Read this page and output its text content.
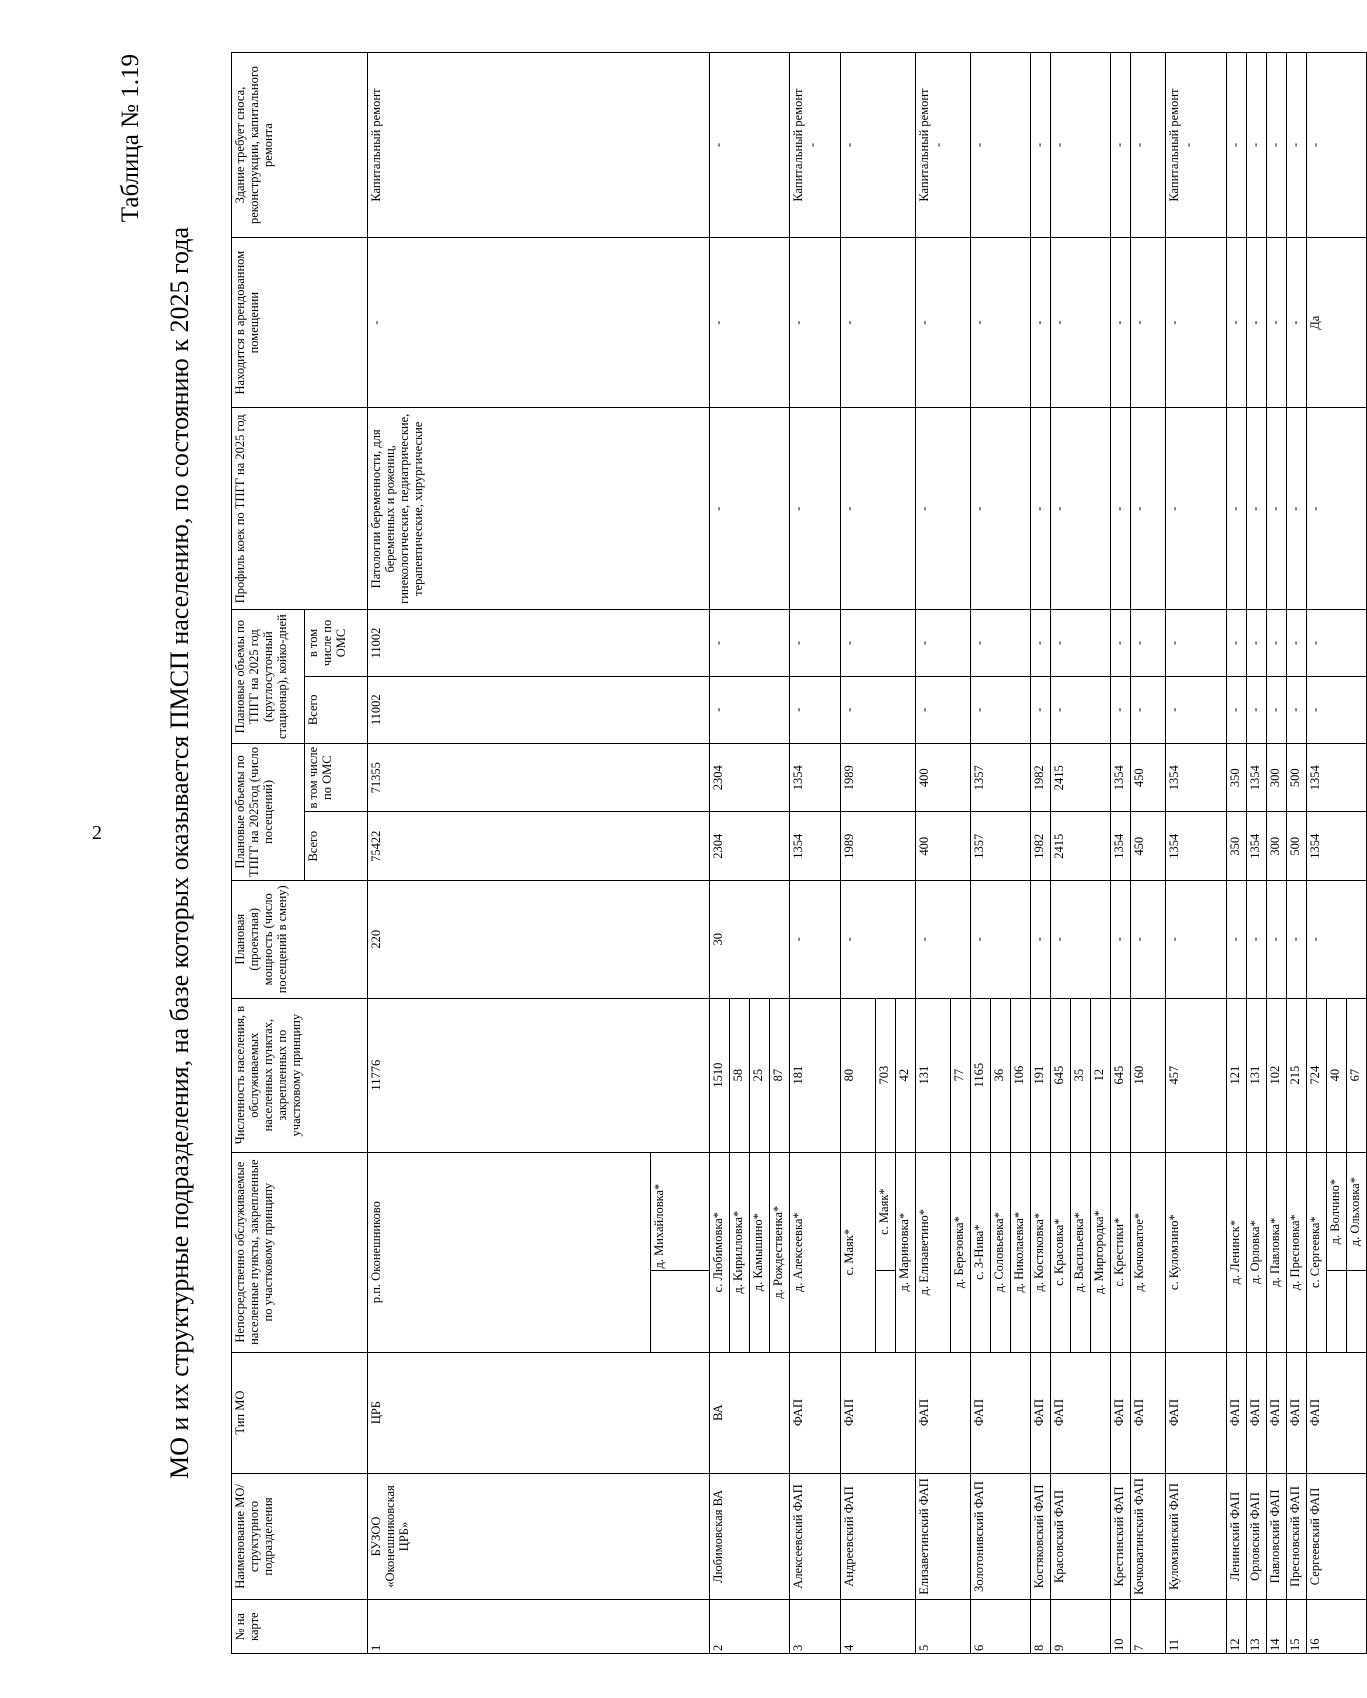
2
Таблица № 1.19
МО и их структурные подразделения, на базе которых оказывается ПМСП населению, по состоянию к 2025 года
№ на карте	Наименование МО/ структурного подразделения	Тип МО	Непосредственно обслуживаемые населенные пункты, закрепленные по участковому принципу		Численность населения, в обслуживаемых населенных пунктах, закрепленных по участковому принципу	Плановая (проектная) мощность (число посещений в смену)	Плановые объемы по ТПГГ на 2025год (число посещений)		Плановые объемы по ТПГГ на 2025 год (круглосуточный стационар), койко-дней		Профиль коек по ТПГГ на 2025 год	Находится в арендованном помещении	Здание требует сноса, реконструкции, капитального ремонта
							Всего	в том числе по ОМС	Всего	в том числе по ОМС			
1	БУЗОО «Оконешниковская ЦРБ»	ЦРБ	р.п. Оконешниково		11776	220	75422	71355	11002	11002	Патологии беременности, для беременных и рожениц, гинекологические, педиатрические, терапевтические, хирургические	-	Капитальный ремонт
				д. Михайловка*									
2	Любимовская ВА	ВА	с. Любимовка*		1510	30	2304	2304	-	-	-	-	-
			д. Кирилловка*		58								
			д. Камышино*		25								
			д. Рождественка*		87								
3	Алексеевский ФАП	ФАП	д. Алексеевка*		181	-	1354	1354	-	-	-	-	Капитальный ремонт -

4	Андреевский ФАП	ФАП	с. Маяк*		80	-	1989	1989	-	-	-	-	-
				с. Маяк*	703								
			д. Мариновка*		42								
5	Елизаветинский ФАП	ФАП	д. Елизаветино*		131	-	400	400	-	-	-	-	Капитальный ремонт -

			д. Березовка*		77								
6	Золотонивский ФАП	ФАП	с. З-Нива*		1165	-	1357	1357	-	-	-	-	-
			д. Соловьевка*		36								
			д. Николаевка*		106								
8	Костяковский ФАП	ФАП	д. Костяковка*		191	-	1982	1982	-	-	-	-	-
9	Красовский ФАП	ФАП	с. Красовка*		645	-	2415	2415	-	-	-	-	-
			д. Васильевка*		35								
			д. Миргородка*		12								
10	Крестинский ФАП	ФАП	с. Крестики*		645	-	1354	1354	-	-	-	-	-
7	Кочковатинский ФАП	ФАП	д. Кочковатое*		160	-	450	450	-	-	-	-	-
11	Куломзинский ФАП	ФАП	с. Куломзино*		457	-	1354	1354	-	-	-	-	Капитальный ремонт -

12	Ленинский ФАП	ФАП	д. Ленинск*		121	-	350	350	-	-	-	-	-
13	Орловский ФАП	ФАП	д. Орловка*		131	-	1354	1354	-	-	-	-	-
14	Павловский ФАП	ФАП	д. Павловка*		102	-	300	300	-	-	-	-	-
15	Пресновский ФАП	ФАП	д. Пресновка*		215	-	500	500	-	-	-	-	-
16	Сергеевский ФАП	ФАП	с. Сергеевка*		724	-	1354	1354	-	-	-	Да	-
				д. Волчино*	40								
				д. Ольховка*	67								
